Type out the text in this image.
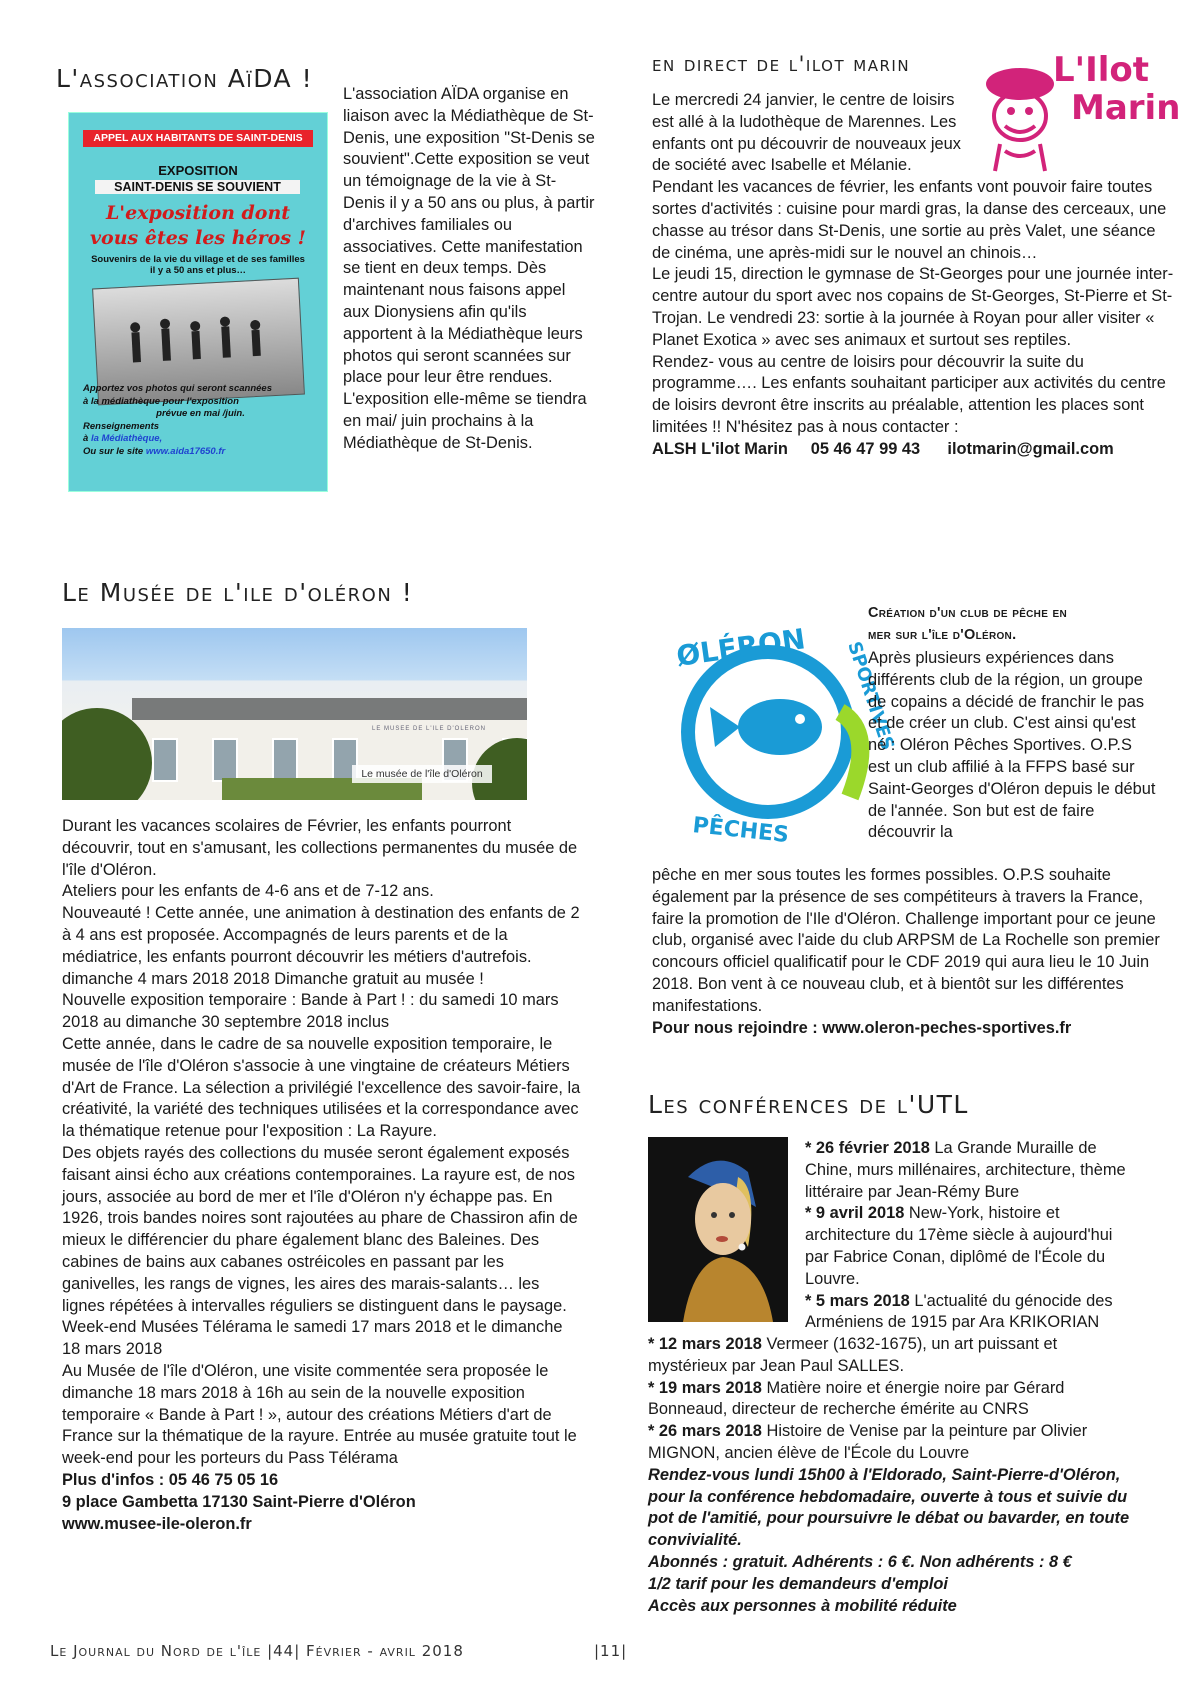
L'association AïDA !
APPEL AUX HABITANTS DE SAINT-DENIS
EXPOSITION
SAINT-DENIS SE SOUVIENT
L'exposition dont
vous êtes les héros !
Souvenirs de la vie du village et de ses familles
il y a 50 ans et plus…
Apportez vos photos qui seront scannées
à la médiathèque pour l'exposition
prévue en mai /juin.
Renseignements
à la Médiathèque,
Ou sur le site www.aida17650.fr

L'association AÏDA organise en liaison avec la Médiathèque de St-Denis, une exposition "St-Denis se souvient".Cette exposition se veut un témoignage de la vie à St-Denis il y a 50 ans ou plus, à partir d'archives familiales ou associatives. Cette manifestation se tient en deux temps. Dès maintenant nous faisons appel aux Dionysiens afin qu'ils apportent à la Médiathèque leurs photos qui seront scannées sur place pour leur être rendues. L'exposition elle-même se tiendra en mai/ juin prochains à la Médiathèque de St-Denis.

en direct de l'ilot marin	L'Ilot
Marin

Le mercredi 24 janvier, le centre de loisirs est allé à la ludothèque de Marennes. Les enfants ont pu découvrir de nouveaux jeux de société avec Isabelle et Mélanie.

Pendant les vacances de février, les enfants vont pouvoir faire toutes sortes d'activités : cuisine pour mardi gras, la danse des cerceaux, une chasse au trésor dans St-Denis, une sortie au près Valet, une séance de cinéma, une après-midi sur le nouvel an chinois…

Le jeudi 15, direction le gymnase de St-Georges pour une journée inter-centre autour du sport avec nos copains de St-Georges, St-Pierre et St-Trojan. Le vendredi 23: sortie à la journée à Royan pour aller visiter « Planet Exotica » avec ses animaux et surtout ses reptiles.

Rendez- vous au centre de loisirs pour découvrir la suite du programme…. Les enfants souhaitant participer aux activités du centre de loisirs devront être inscrits au préalable, attention les places sont limitées !! N'hésitez pas à nous contacter :

ALSH L'ilot Marin 05 46 47 99 43 ilotmarin@gmail.com

Le Musée de l'ile d'oléron !
LE MUSEE DE L'ILE D'OLERON
Le musée de l'île d'Oléron

Durant les vacances scolaires de Février, les enfants pourront découvrir, tout en s'amusant, les collections permanentes du musée de l'île d'Oléron.

Ateliers pour les enfants de 4-6 ans et de 7-12 ans.

Nouveauté ! Cette année, une animation à destination des enfants de 2 à 4 ans est proposée. Accompagnés de leurs parents et de la médiatrice, les enfants pourront découvrir les métiers d'autrefois.

dimanche 4 mars 2018 2018 Dimanche gratuit au musée !

Nouvelle exposition temporaire : Bande à Part ! : du samedi 10 mars 2018 au dimanche 30 septembre 2018 inclus

Cette année, dans le cadre de sa nouvelle exposition temporaire, le musée de l'île d'Oléron s'associe à une vingtaine de créateurs Métiers d'Art de France. La sélection a privilégié l'excellence des savoir-faire, la créativité, la variété des techniques utilisées et la correspondance avec la thématique retenue pour l'exposition : La Rayure.

Des objets rayés des collections du musée seront également exposés faisant ainsi écho aux créations contemporaines. La rayure est, de nos jours, associée au bord de mer et l'île d'Oléron n'y échappe pas. En 1926, trois bandes noires sont rajoutées au phare de Chassiron afin de mieux le différencier du phare également blanc des Baleines. Des cabines de bains aux cabanes ostréicoles en passant par les ganivelles, les rangs de vignes, les aires des marais-salants… les lignes répétées à intervalles réguliers se distinguent dans le paysage.

Week-end Musées Télérama le samedi 17 mars 2018 et le dimanche 18 mars 2018

Au Musée de l'île d'Oléron, une visite commentée sera proposée le dimanche 18 mars 2018 à 16h au sein de la nouvelle exposition temporaire « Bande à Part ! », autour des créations Métiers d'art de France sur la thématique de la rayure. Entrée au musée gratuite tout le week-end pour les porteurs du Pass Télérama

Plus d'infos : 05 46 75 05 16

9 place Gambetta 17130 Saint-Pierre d'Oléron

www.musee-ile-oleron.fr

ØLÉRON
PÊCHES
SPORTIVES
Création d'un club de pêche en
mer sur l'île d'Oléron.

Après plusieurs expériences dans différents club de la région, un groupe de copains a décidé de franchir le pas et de créer un club. C'est ainsi qu'est né : Oléron Pêches Sportives. O.P.S est un club affilié à la FFPS basé sur Saint-Georges d'Oléron depuis le début de l'année. Son but est de faire découvrir la

pêche en mer sous toutes les formes possibles. O.P.S souhaite également par la présence de ses compétiteurs à travers la France, faire la promotion de l'Ile d'Oléron. Challenge important pour ce jeune club, organisé avec l'aide du club ARPSM de La Rochelle son premier concours officiel qualificatif pour le CDF 2019 qui aura lieu le 10 Juin 2018. Bon vent à ce nouveau club, et à bientôt sur les différentes manifestations.

Pour nous rejoindre : www.oleron-peches-sportives.fr

Les conférences de l'UTL

* 26 février 2018 La Grande Muraille de Chine, murs millénaires, architecture, thème littéraire par Jean-Rémy Bure

* 9 avril 2018 New-York, histoire et architecture du 17ème siècle à aujourd'hui par Fabrice Conan, diplômé de l'École du Louvre.

* 5 mars 2018 L'actualité du génocide des Arméniens de 1915 par Ara KRIKORIAN

* 12 mars 2018 Vermeer (1632-1675), un art puissant et mystérieux par Jean Paul SALLES.

* 19 mars 2018 Matière noire et énergie noire par Gérard Bonneaud, directeur de recherche émérite au CNRS

* 26 mars 2018 Histoire de Venise par la peinture par Olivier MIGNON, ancien élève de l'École du Louvre

Rendez-vous lundi 15h00 à l'Eldorado, Saint-Pierre-d'Oléron, pour la conférence hebdomadaire, ouverte à tous et suivie du pot de l'amitié, pour poursuivre le débat ou bavarder, en toute convivialité.

Abonnés : gratuit. Adhérents : 6 €. Non adhérents : 8 €

1/2 tarif pour les demandeurs d'emploi

Accès aux personnes à mobilité réduite

Le Journal du Nord de l'île |44| Février - avril 2018	|11|
